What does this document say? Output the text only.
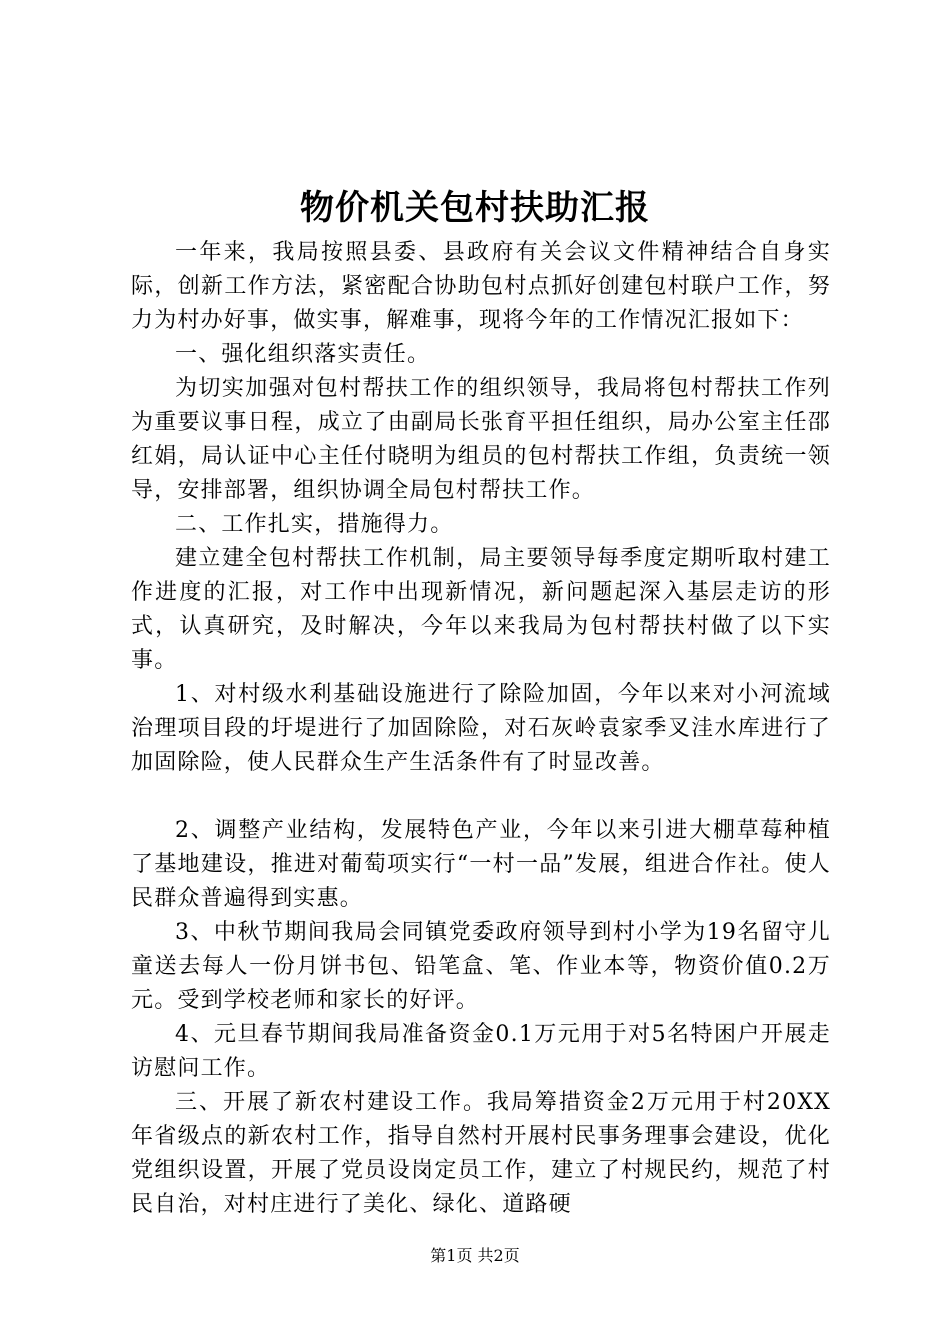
物价机关包村扶助汇报

一年来，我局按照县委、县政府有关会议文件精神结合自身实际，创新工作方法，紧密配合协助包村点抓好创建包村联户工作，努力为村办好事，做实事，解难事，现将今年的工作情况汇报如下：

一、强化组织落实责任。

为切实加强对包村帮扶工作的组织领导，我局将包村帮扶工作列为重要议事日程，成立了由副局长张育平担任组织，局办公室主任邵红娟，局认证中心主任付晓明为组员的包村帮扶工作组，负责统一领导，安排部署，组织协调全局包村帮扶工作。

二、工作扎实，措施得力。

建立建全包村帮扶工作机制，局主要领导每季度定期听取村建工作进度的汇报，对工作中出现新情况，新问题起深入基层走访的形式，认真研究，及时解决，今年以来我局为包村帮扶村做了以下实事。

1、对村级水利基础设施进行了除险加固，今年以来对小河流域治理项目段的圩堤进行了加固除险，对石灰岭袁家季叉洼水库进行了加固除险，使人民群众生产生活条件有了时显改善。

2、调整产业结构，发展特色产业，今年以来引进大棚草莓种植了基地建设，推进对葡萄项实行“一村一品”发展，组进合作社。使人民群众普遍得到实惠。

3、中秋节期间我局会同镇党委政府领导到村小学为19名留守儿童送去每人一份月饼书包、铅笔盒、笔、作业本等，物资价值0.2万元。受到学校老师和家长的好评。

4、元旦春节期间我局准备资金0.1万元用于对5名特困户开展走访慰问工作。

三、开展了新农村建设工作。我局筹措资金2万元用于村20XX年省级点的新农村工作，指导自然村开展村民事务理事会建设，优化党组织设置，开展了党员设岗定员工作，建立了村规民约，规范了村民自治，对村庄进行了美化、绿化、道路硬

第1页 共2页
